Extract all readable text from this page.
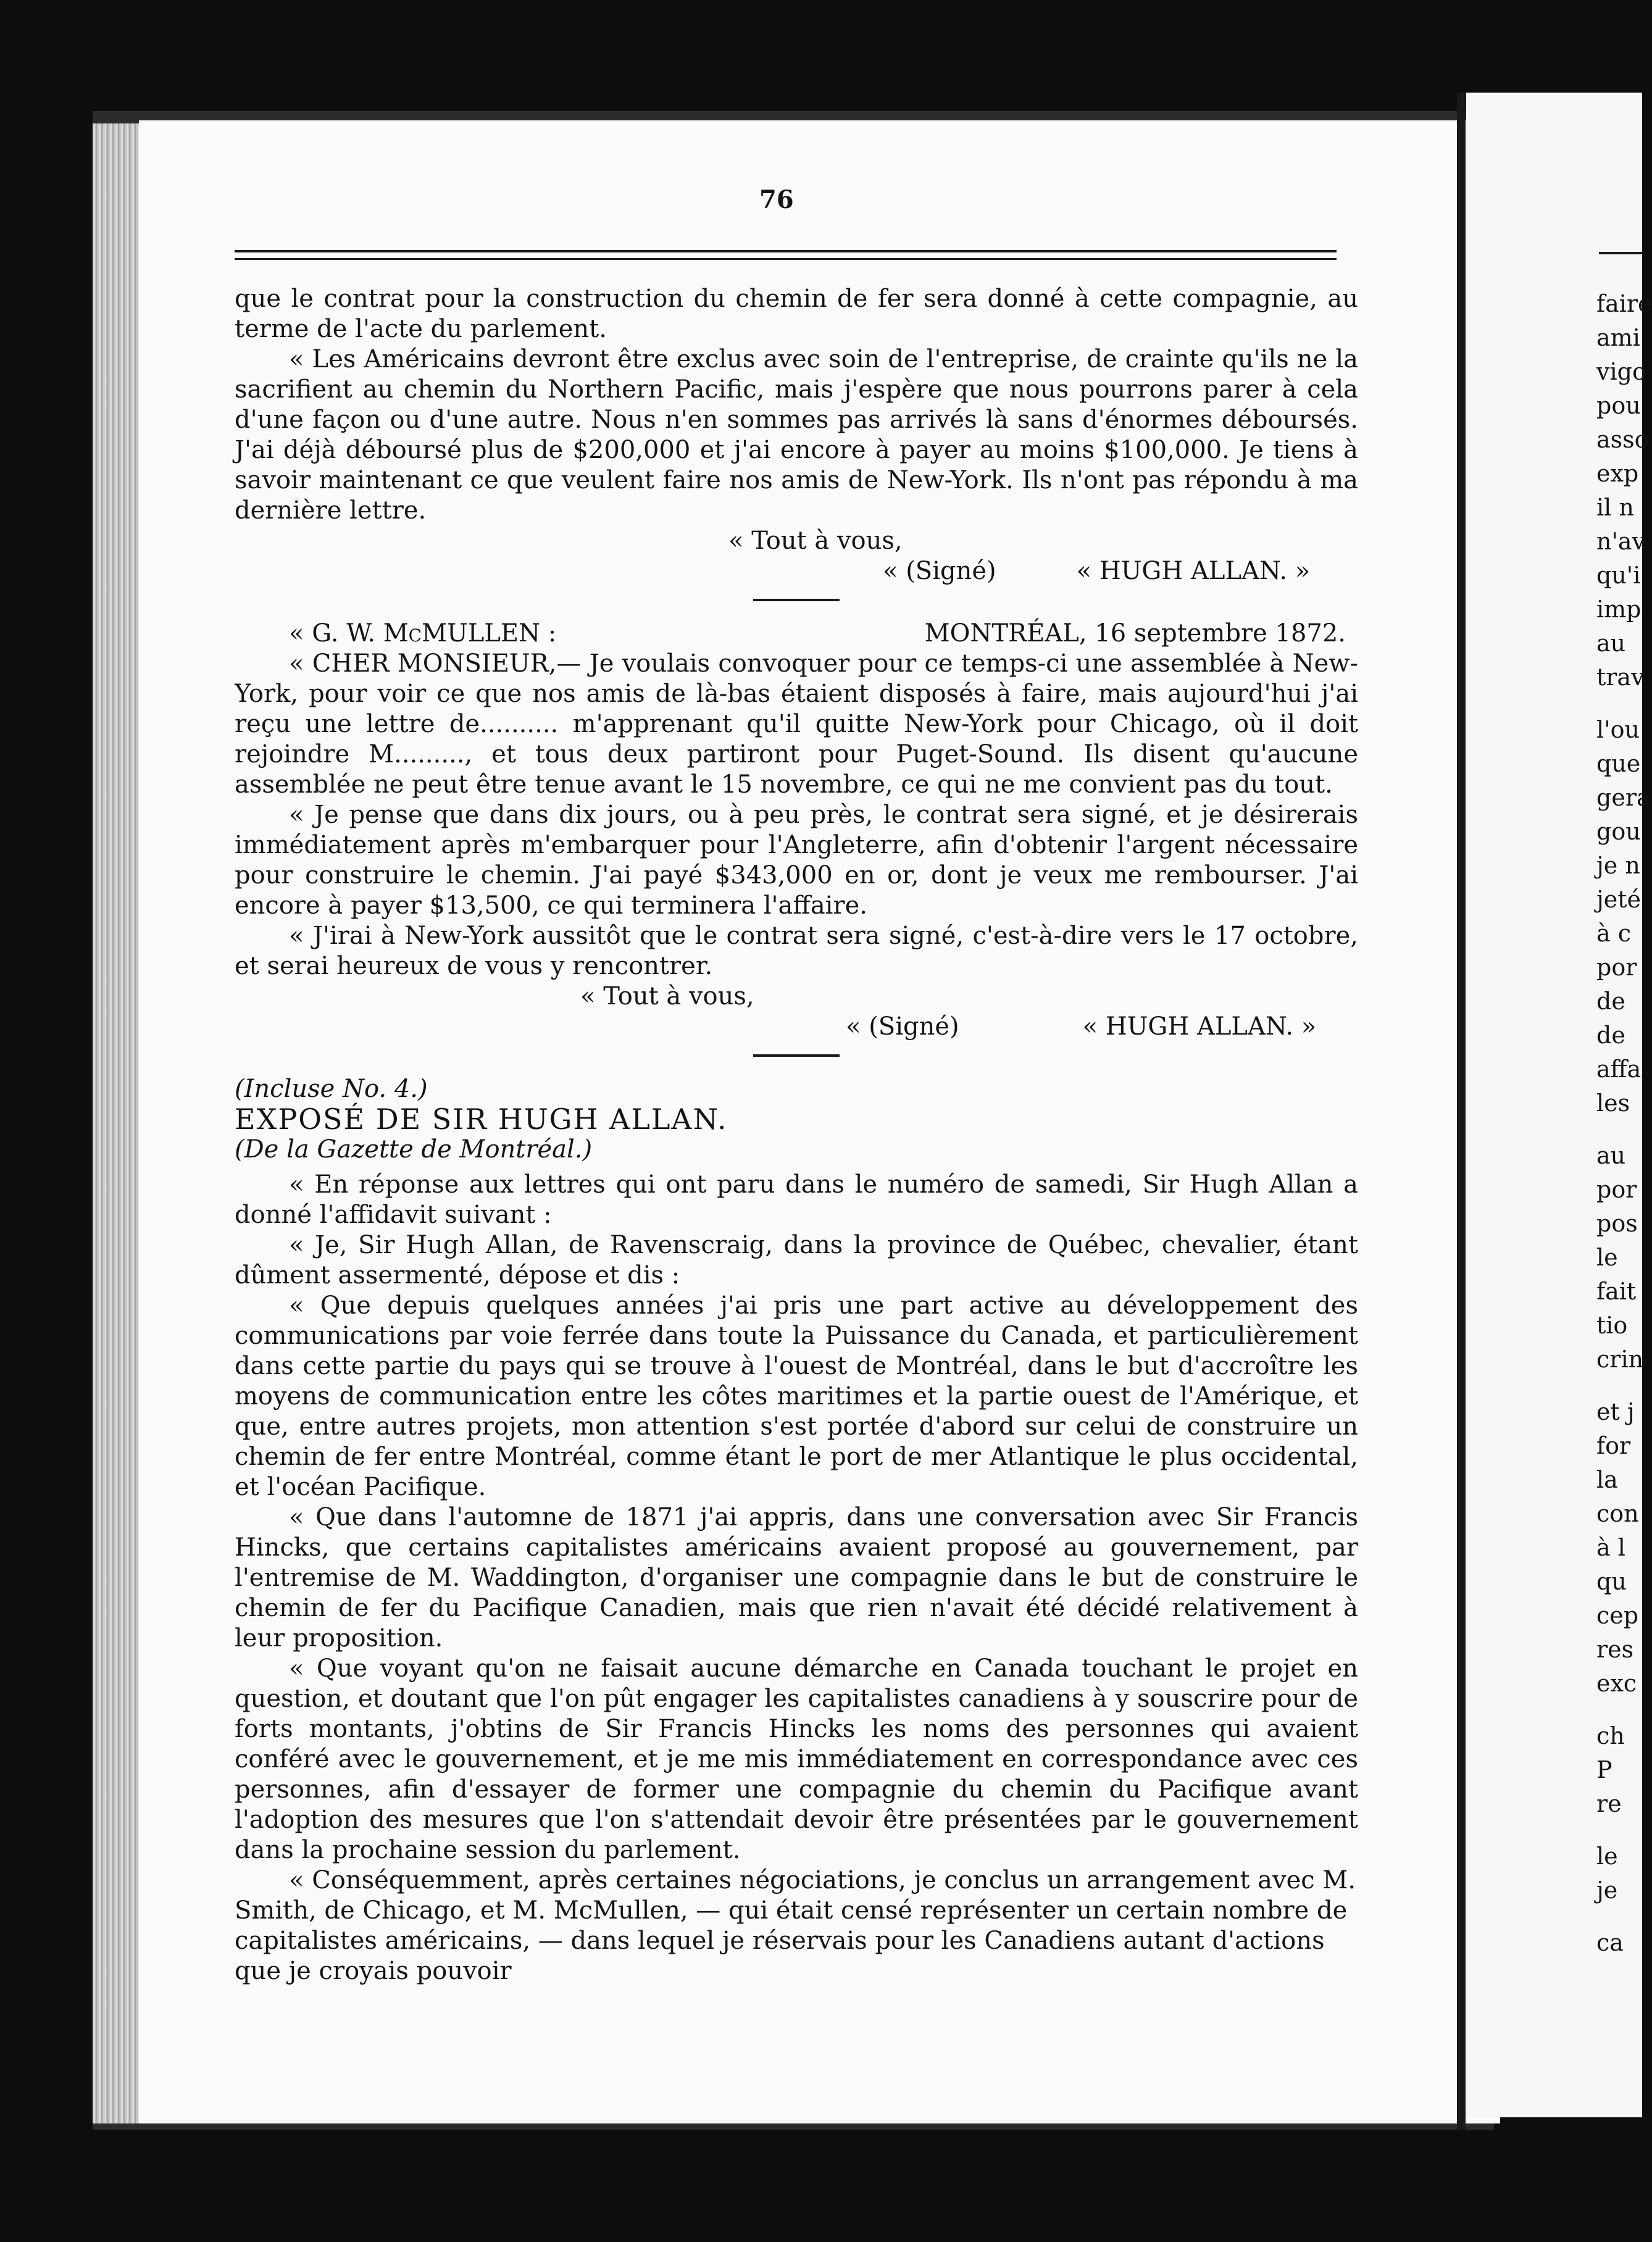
76

que le contrat pour la construction du chemin de fer sera donné à cette compagnie, au terme de l'acte du parlement.

« Les Américains devront être exclus avec soin de l'entreprise, de crainte qu'ils ne la sacrifient au chemin du Northern Pacific, mais j'espère que nous pourrons parer à cela d'une façon ou d'une autre. Nous n'en sommes pas arrivés là sans d'énormes déboursés. J'ai déjà déboursé plus de $200,000 et j'ai encore à payer au moins $100,000. Je tiens à savoir maintenant ce que veulent faire nos amis de New-York. Ils n'ont pas répondu à ma dernière lettre.

« Tout à vous,

« (Signé)	« HUGH ALLAN. »
« G. W. McMULLEN :	MONTRÉAL, 16 septembre 1872.

« CHER MONSIEUR,— Je voulais convoquer pour ce temps-ci une assemblée à New-York, pour voir ce que nos amis de là-bas étaient disposés à faire, mais aujourd'hui j'ai reçu une lettre de.......... m'apprenant qu'il quitte New-York pour Chicago, où il doit rejoindre M........., et tous deux partiront pour Puget-Sound. Ils disent qu'aucune assemblée ne peut être tenue avant le 15 novembre, ce qui ne me convient pas du tout.

« Je pense que dans dix jours, ou à peu près, le contrat sera signé, et je désirerais immédiatement après m'embarquer pour l'Angleterre, afin d'obtenir l'argent nécessaire pour construire le chemin. J'ai payé $343,000 en or, dont je veux me rembourser. J'ai encore à payer $13,500, ce qui terminera l'affaire.

« J'irai à New-York aussitôt que le contrat sera signé, c'est-à-dire vers le 17 octobre, et serai heureux de vous y rencontrer.

« Tout à vous,

« (Signé)	« HUGH ALLAN. »

(Incluse No. 4.)

EXPOSÉ DE SIR HUGH ALLAN.

(De la Gazette de Montréal.)

« En réponse aux lettres qui ont paru dans le numéro de samedi, Sir Hugh Allan a donné l'affidavit suivant :

« Je, Sir Hugh Allan, de Ravenscraig, dans la province de Québec, chevalier, étant dûment assermenté, dépose et dis :

« Que depuis quelques années j'ai pris une part active au développement des communications par voie ferrée dans toute la Puissance du Canada, et particulièrement dans cette partie du pays qui se trouve à l'ouest de Montréal, dans le but d'accroître les moyens de communication entre les côtes maritimes et la partie ouest de l'Amérique, et que, entre autres projets, mon attention s'est portée d'abord sur celui de construire un chemin de fer entre Montréal, comme étant le port de mer Atlantique le plus occidental, et l'océan Pacifique.

« Que dans l'automne de 1871 j'ai appris, dans une conversation avec Sir Francis Hincks, que certains capitalistes américains avaient proposé au gouvernement, par l'entremise de M. Waddington, d'organiser une compagnie dans le but de construire le chemin de fer du Pacifique Canadien, mais que rien n'avait été décidé relativement à leur proposition.

« Que voyant qu'on ne faisait aucune démarche en Canada touchant le projet en question, et doutant que l'on pût engager les capitalistes canadiens à y souscrire pour de forts montants, j'obtins de Sir Francis Hincks les noms des personnes qui avaient conféré avec le gouvernement, et je me mis immédiatement en correspondance avec ces personnes, afin d'essayer de former une compagnie du chemin du Pacifique avant l'adoption des mesures que l'on s'attendait devoir être présentées par le gouvernement dans la prochaine session du parlement.

« Conséquemment, après certaines négociations, je conclus un arrangement avec M. Smith, de Chicago, et M. McMullen, — qui était censé représenter un certain nombre de capitalistes américains, — dans lequel je réservais pour les Canadiens autant d'actions que je croyais pouvoir

faire
ami
vigo
pou
asso
exp
il n
n'av
qu'i
imp
au
trav
l'ou
que
gera
gou
je n
jeté
à c
por
de
de
affa
les
au
por
pos
le
fait
tio
crin
et j
for
la
con
à l
qu
cep
res
exc
ch
P
re
le
je
ca
